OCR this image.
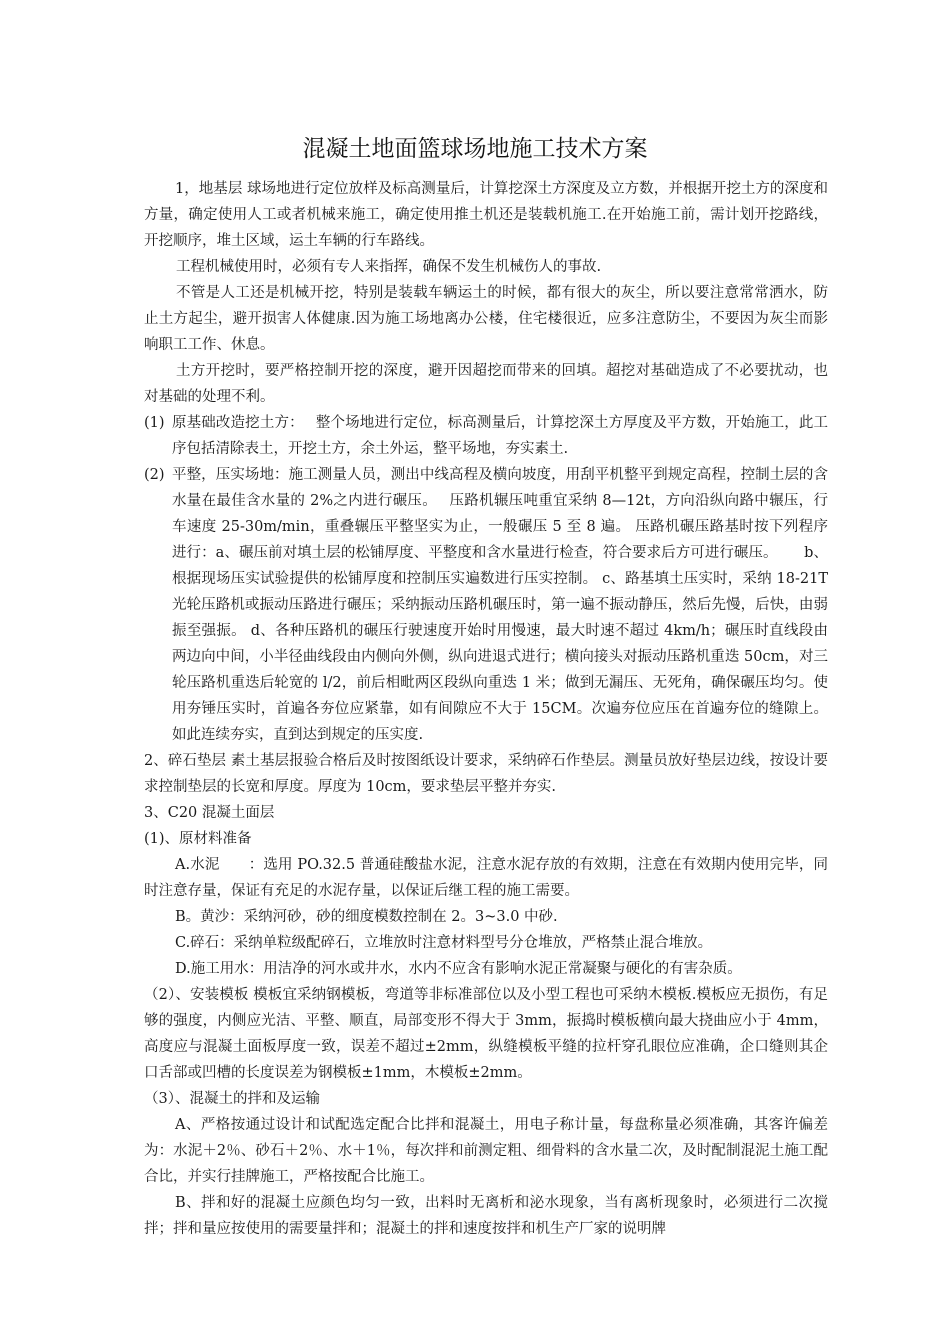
混凝土地面篮球场地施工技术方案

1，地基层 球场地进行定位放样及标高测量后，计算挖深土方深度及立方数，并根据开挖土方的深度和方量，确定使用人工或者机械来施工，确定使用推土机还是装载机施工.在开始施工前，需计划开挖路线，开挖顺序，堆土区域，运土车辆的行车路线。

工程机械使用时，必须有专人来指挥，确保不发生机械伤人的事故.

不管是人工还是机械开挖，特别是装载车辆运土的时候，都有很大的灰尘，所以要注意常常洒水，防止土方起尘，避开损害人体健康.因为施工场地离办公楼，住宅楼很近，应多注意防尘，不要因为灰尘而影响职工工作、休息。

土方开挖时，要严格控制开挖的深度，避开因超挖而带来的回填。超挖对基础造成了不必要扰动，也对基础的处理不利。

(1) 原基础改造挖土方：　 整个场地进行定位，标高测量后，计算挖深土方厚度及平方数，开始施工，此工序包括清除表土，开挖土方，余土外运，整平场地，夯实素土.
(2) 平整，压实场地：施工测量人员，测出中线高程及横向坡度，用刮平机整平到规定高程，控制土层的含水量在最佳含水量的 2%之内进行碾压。　 压路机辗压吨重宜采纳 8—12t，方向沿纵向路中辗压，行车速度 25-30m/min，重叠辗压平整坚实为止，一般碾压 5 至 8 遍。 压路机碾压路基时按下列程序进行：a、碾压前对填土层的松铺厚度、平整度和含水量进行检查，符合要求后方可进行碾压。　　 b、根据现场压实试验提供的松铺厚度和控制压实遍数进行压实控制。 c、路基填土压实时，采纳 18-21T 光轮压路机或振动压路进行碾压；采纳振动压路机碾压时，第一遍不振动静压，然后先慢，后快，由弱振至强振。 d、各种压路机的碾压行驶速度开始时用慢速，最大时速不超过 4km/h；碾压时直线段由两边向中间，小半径曲线段由内侧向外侧，纵向进退式进行；横向接头对振动压路机重迭 50cm，对三轮压路机重迭后轮宽的 l/2，前后相毗两区段纵向重迭 1 米；做到无漏压、无死角，确保碾压均匀。使用夯锤压实时，首遍各夯位应紧靠，如有间隙应不大于 15CM。次遍夯位应压在首遍夯位的缝隙上。如此连续夯实，直到达到规定的压实度.

2、碎石垫层 素土基层报验合格后及时按图纸设计要求，采纳碎石作垫层。测量员放好垫层边线，按设计要求控制垫层的长宽和厚度。厚度为 10cm，要求垫层平整并夯实.

3、C20 混凝土面层

(1)、原材料准备

A.水泥　　：选用 PO.32.5 普通硅酸盐水泥，注意水泥存放的有效期，注意在有效期内使用完毕，同时注意存量，保证有充足的水泥存量，以保证后继工程的施工需要。

B。黄沙：采纳河砂，砂的细度模数控制在 2。3~3.0 中砂.

C.碎石：采纳单粒级配碎石，立堆放时注意材料型号分仓堆放，严格禁止混合堆放。

D.施工用水：用洁净的河水或井水，水内不应含有影响水泥正常凝聚与硬化的有害杂质。

（2）、安装模板 模板宜采纳钢模板，弯道等非标准部位以及小型工程也可采纳木模板.模板应无损伤，有足够的强度，内侧应光洁、平整、顺直，局部变形不得大于 3mm，振捣时模板横向最大挠曲应小于 4mm，高度应与混凝土面板厚度一致，误差不超过±2mm，纵缝模板平缝的拉杆穿孔眼位应准确，企口缝则其企口舌部或凹槽的长度误差为钢模板±1mm，木模板±2mm。

（3）、混凝土的拌和及运输

A、严格按通过设计和试配选定配合比拌和混凝土，用电子称计量，每盘称量必须准确，其客许偏差为：水泥＋2％、砂石＋2％、水＋1％，每次拌和前测定粗、细骨料的含水量二次，及时配制混泥土施工配合比，并实行挂牌施工，严格按配合比施工。

B、拌和好的混凝土应颜色均匀一致，出料时无离析和泌水现象，当有离析现象时，必须进行二次搅拌；拌和量应按使用的需要量拌和；混凝土的拌和速度按拌和机生产厂家的说明牌
